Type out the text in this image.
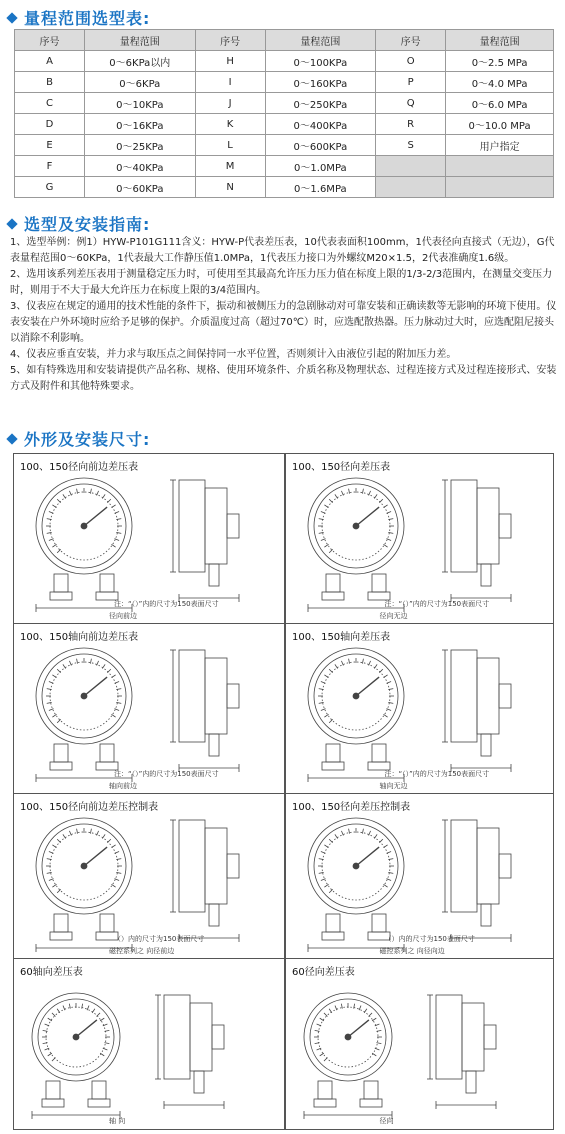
量程范围选型表:
序号	量程范围	序号	量程范围	序号	量程范围
A	0～6KPa以内	H	0～100KPa	O	0～2.5 MPa
B	0～6KPa	I	0～160KPa	P	0～4.0 MPa
C	0～10KPa	J	0～250KPa	Q	0～6.0 MPa
D	0～16KPa	K	0～400KPa	R	0～10.0 MPa
E	0～25KPa	L	0～600KPa	S	用户指定
F	0～40KPa	M	0～1.0MPa		
G	0～60KPa	N	0～1.6MPa		
选型及安装指南:

1、选型举例：例1）HYW-P101G111含义：HYW-P代表差压表，10代表表面积100mm，1代表径向直接式（无边），G代表量程范围0～60KPa，1代表最大工作静压值1.0MPa，1代表压力接口为外螺纹M20×1.5，2代表准确度1.6级。

2、选用该系列差压表用于测量稳定压力时，可使用至其最高允许压力压力值在标度上限的1/3-2/3范围内，在测量交变压力时，则用于不大于最大允许压力在标度上限的3/4范围内。

3、仪表应在规定的通用的技术性能的条件下，振动和被侧压力的急剧脉动对可靠安装和正确读数等无影响的环境下使用。仪表安装在户外环境时应给予足够的保护。介质温度过高（超过70℃）时，应选配散热器。压力脉动过大时，应选配阻尼接头以消除不利影响。

4、仪表应垂直安装，并力求与取压点之间保持同一水平位置，否则须计入由液位引起的附加压力差。

5、如有特殊选用和安装请提供产品名称、规格、使用环境条件、介质名称及物理状态、过程连接方式及过程连接形式、安装方式及附件和其他特殊要求。

外形及安装尺寸:
100、150径向前边差压表
注：“（）”内的尺寸为150表面尺寸
径向前边
100、150径向差压表
注：“（）”内的尺寸为150表面尺寸
径向无边
100、150轴向前边差压表
注：“（）”内的尺寸为150表面尺寸
轴向前边
100、150轴向差压表
注：“（）”内的尺寸为150表面尺寸
轴向无边
100、150径向前边差压控制表
（）内的尺寸为150表面尺寸
磁控系列之 向径前边
100、150径向差压控制表
（）内的尺寸为150表面尺寸
磁控系列之 向径向边
60轴向差压表
轴 向
60径向差压表
径向
